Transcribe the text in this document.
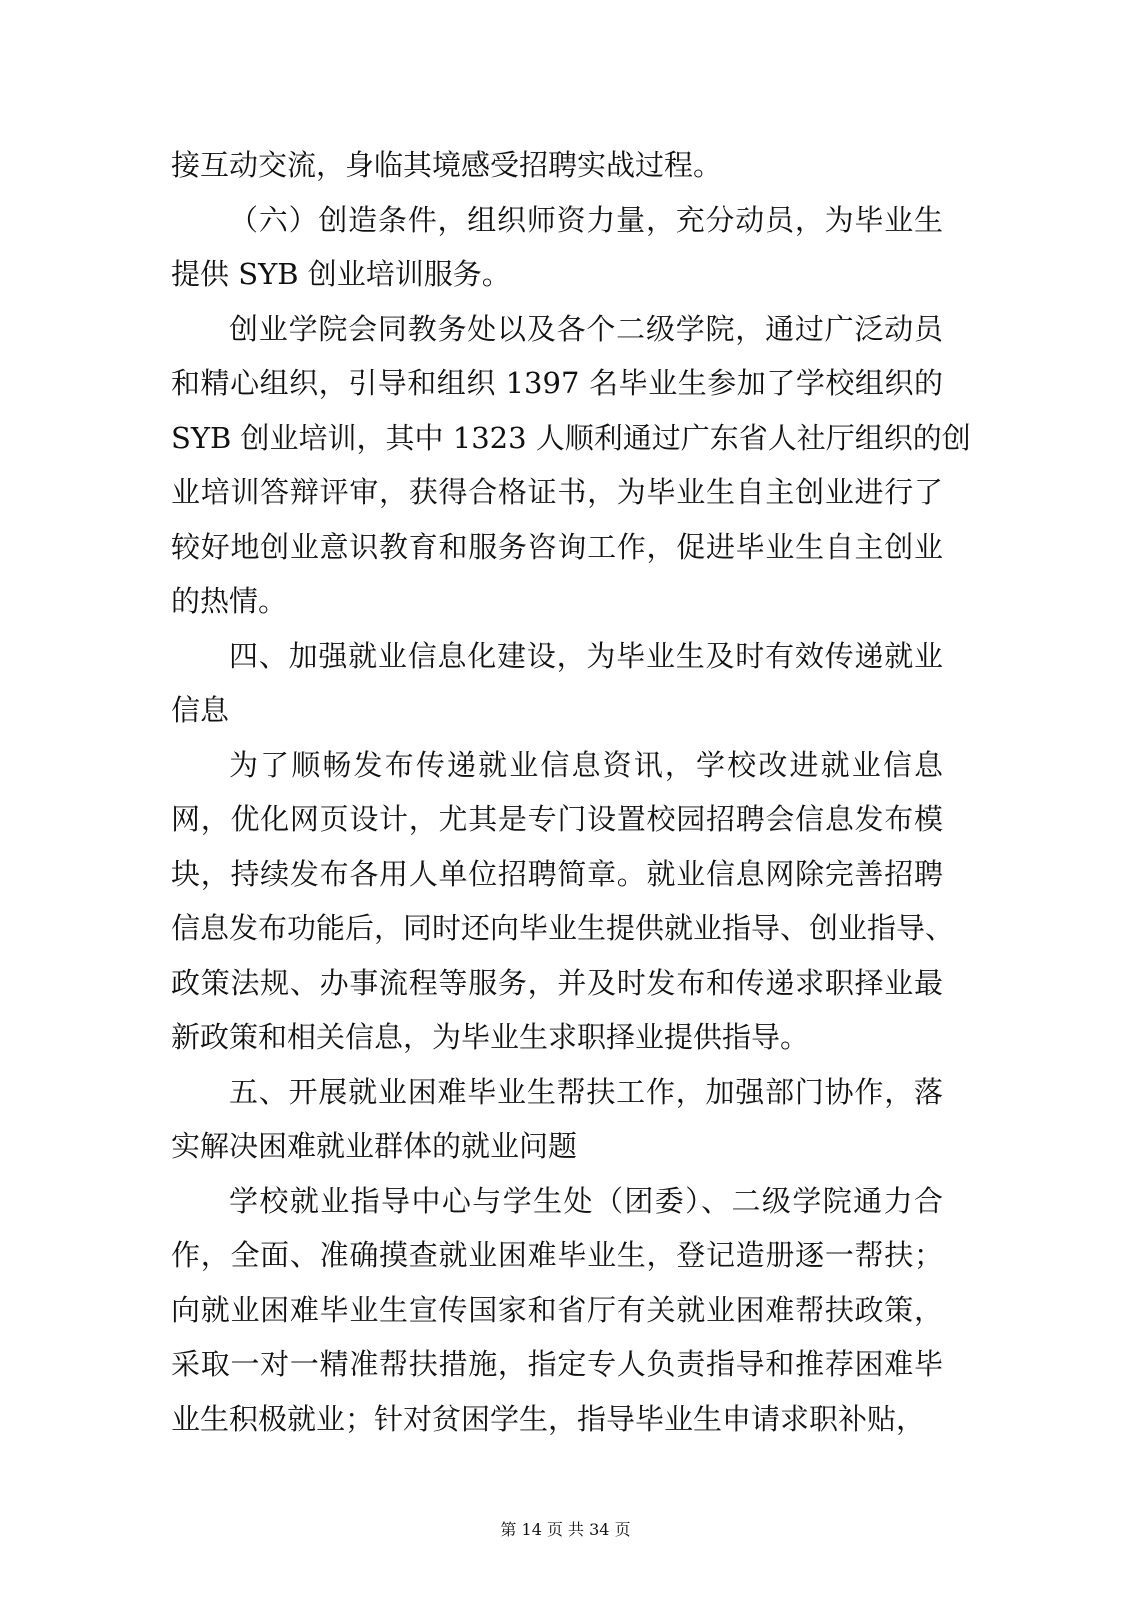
接互动交流，身临其境感受招聘实战过程。
（六）创造条件，组织师资力量，充分动员，为毕业生
提供 SYB 创业培训服务。
创业学院会同教务处以及各个二级学院，通过广泛动员
和精心组织，引导和组织 1397 名毕业生参加了学校组织的
SYB 创业培训，其中 1323 人顺利通过广东省人社厅组织的创
业培训答辩评审，获得合格证书，为毕业生自主创业进行了
较好地创业意识教育和服务咨询工作，促进毕业生自主创业
的热情。
四、加强就业信息化建设，为毕业生及时有效传递就业
信息
为了顺畅发布传递就业信息资讯，学校改进就业信息
网，优化网页设计，尤其是专门设置校园招聘会信息发布模
块，持续发布各用人单位招聘简章。就业信息网除完善招聘
信息发布功能后，同时还向毕业生提供就业指导、创业指导、
政策法规、办事流程等服务，并及时发布和传递求职择业最
新政策和相关信息，为毕业生求职择业提供指导。
五、开展就业困难毕业生帮扶工作，加强部门协作，落
实解决困难就业群体的就业问题
学校就业指导中心与学生处（团委）、二级学院通力合
作，全面、准确摸查就业困难毕业生，登记造册逐一帮扶；
向就业困难毕业生宣传国家和省厅有关就业困难帮扶政策，
采取一对一精准帮扶措施，指定专人负责指导和推荐困难毕
业生积极就业；针对贫困学生，指导毕业生申请求职补贴，
第 14 页 共 34 页
